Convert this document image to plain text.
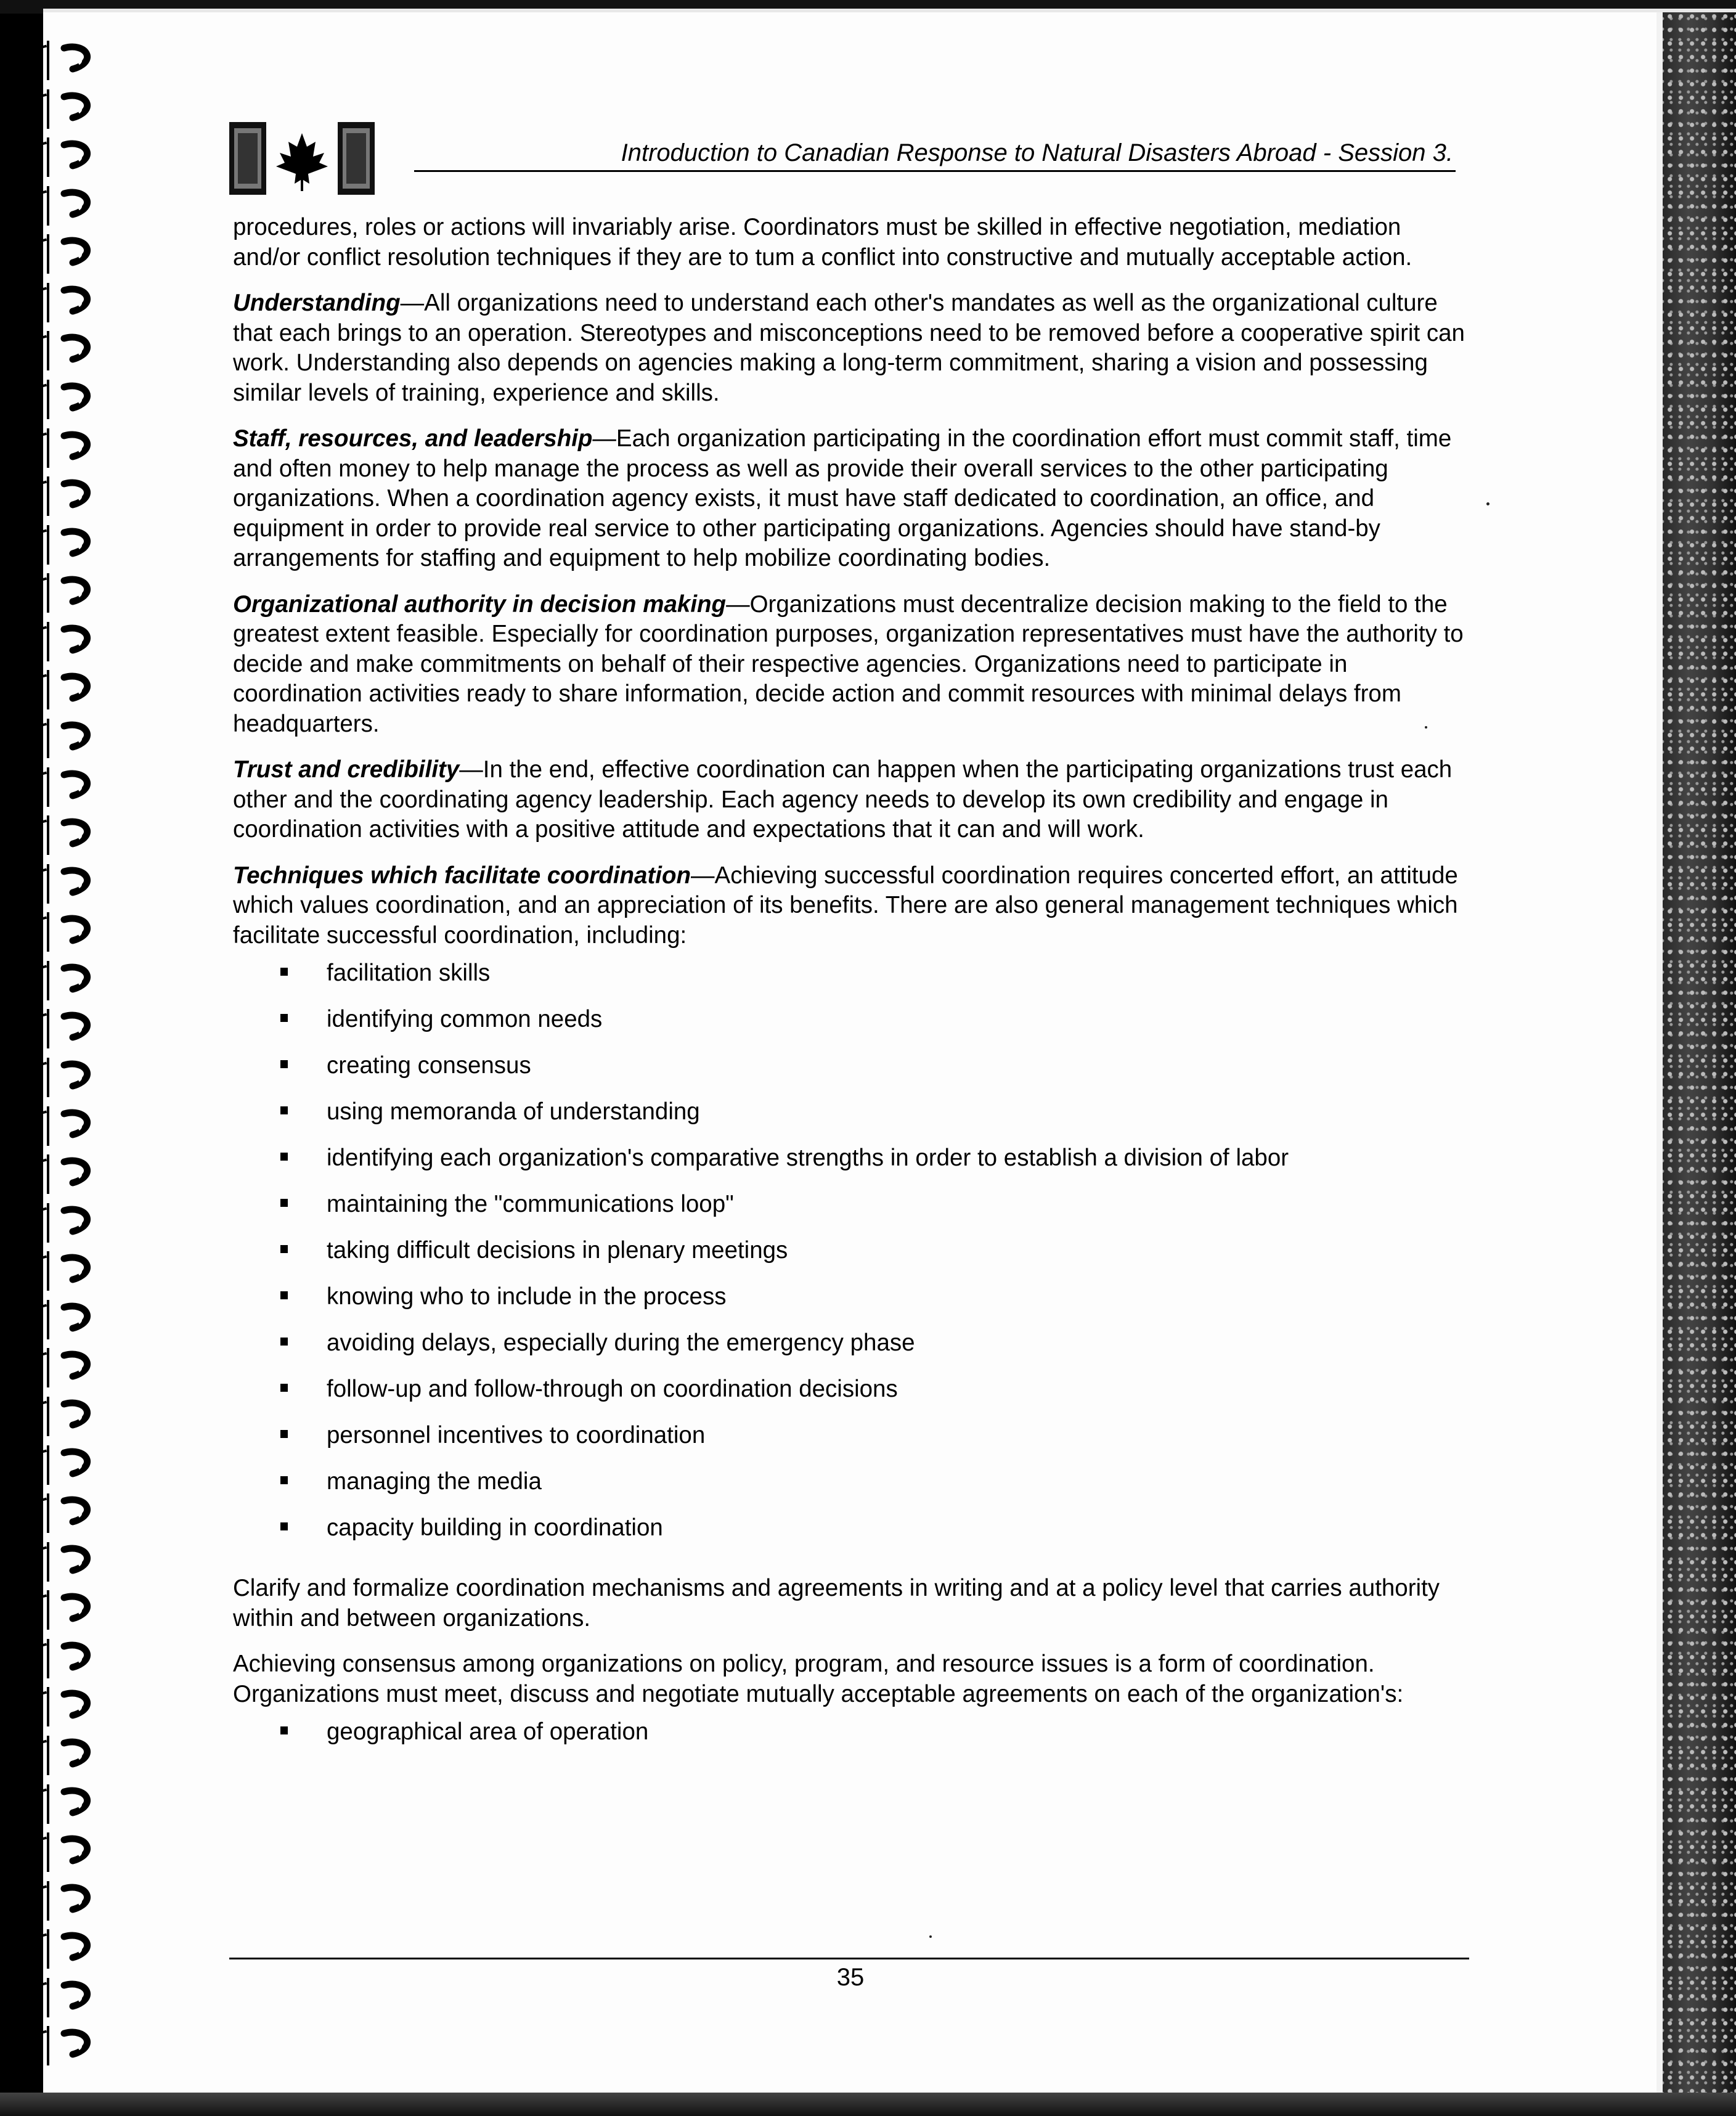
Introduction to Canadian Response to Natural Disasters Abroad - Session 3.

procedures, roles or actions will invariably arise. Coordinators must be skilled in effective negotiation, mediation and/or conflict resolution techniques if they are to tum a conflict into constructive and mutually acceptable action.

Understanding—All organizations need to understand each other's mandates as well as the organizational culture that each brings to an operation. Stereotypes and misconceptions need to be removed before a cooperative spirit can work. Understanding also depends on agencies making a long-term commitment, sharing a vision and possessing similar levels of training, experience and skills.

Staff, resources, and leadership—Each organization participating in the coordination effort must commit staff, time and often money to help manage the process as well as provide their overall services to the other participating organizations. When a coordination agency exists, it must have staff dedicated to coordination, an office, and equipment in order to provide real service to other participating organizations. Agencies should have stand-by arrangements for staffing and equipment to help mobilize coordinating bodies.

Organizational authority in decision making—Organizations must decentralize decision making to the field to the greatest extent feasible. Especially for coordination purposes, organization representatives must have the authority to decide and make commitments on behalf of their respective agencies. Organizations need to participate in coordination activities ready to share information, decide action and commit resources with minimal delays from headquarters.

Trust and credibility—In the end, effective coordination can happen when the participating organizations trust each other and the coordinating agency leadership. Each agency needs to develop its own credibility and engage in coordination activities with a positive attitude and expectations that it can and will work.

Techniques which facilitate coordination—Achieving successful coordination requires concerted effort, an attitude which values coordination, and an appreciation of its benefits. There are also general management techniques which facilitate successful coordination, including:

facilitation skills
identifying common needs
creating consensus
using memoranda of understanding
identifying each organization's comparative strengths in order to establish a division of labor
maintaining the "communications loop"
taking difficult decisions in plenary meetings
knowing who to include in the process
avoiding delays, especially during the emergency phase
follow-up and follow-through on coordination decisions
personnel incentives to coordination
managing the media
capacity building in coordination

Clarify and formalize coordination mechanisms and agreements in writing and at a policy level that carries authority within and between organizations.

Achieving consensus among organizations on policy, program, and resource issues is a form of coordination. Organizations must meet, discuss and negotiate mutually acceptable agreements on each of the organization's:

geographical area of operation
35
